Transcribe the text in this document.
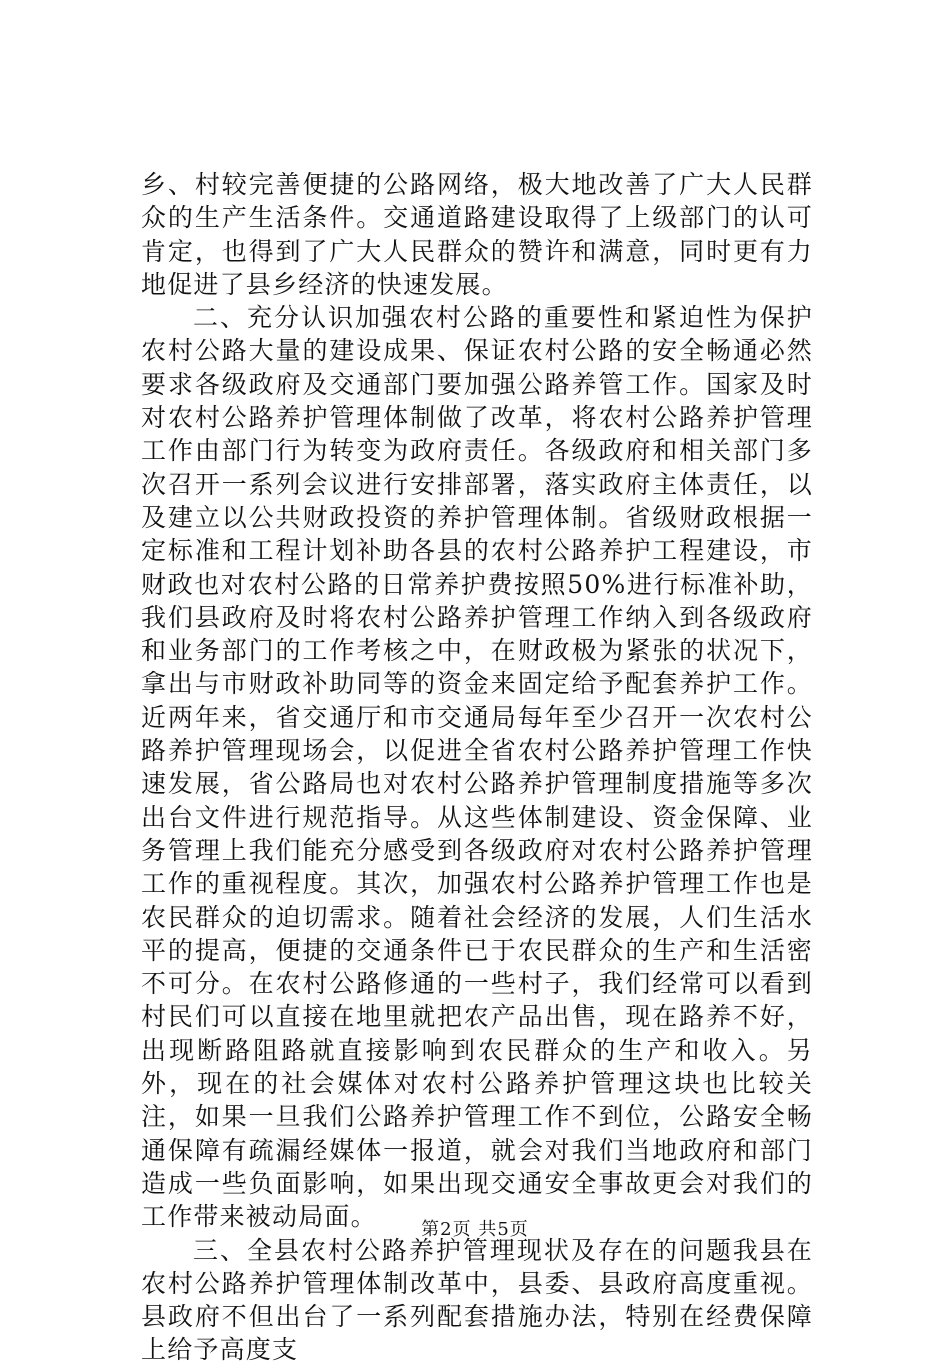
乡、村较完善便捷的公路网络，极大地改善了广大人民群众的生产生活条件。交通道路建设取得了上级部门的认可肯定，也得到了广大人民群众的赞许和满意，同时更有力地促进了县乡经济的快速发展。

二、充分认识加强农村公路的重要性和紧迫性为保护农村公路大量的建设成果、保证农村公路的安全畅通必然要求各级政府及交通部门要加强公路养管工作。国家及时对农村公路养护管理体制做了改革，将农村公路养护管理工作由部门行为转变为政府责任。各级政府和相关部门多次召开一系列会议进行安排部署，落实政府主体责任，以及建立以公共财政投资的养护管理体制。省级财政根据一定标准和工程计划补助各县的农村公路养护工程建设，市财政也对农村公路的日常养护费按照50%进行标准补助，我们县政府及时将农村公路养护管理工作纳入到各级政府和业务部门的工作考核之中，在财政极为紧张的状况下，拿出与市财政补助同等的资金来固定给予配套养护工作。近两年来，省交通厅和市交通局每年至少召开一次农村公路养护管理现场会，以促进全省农村公路养护管理工作快速发展，省公路局也对农村公路养护管理制度措施等多次出台文件进行规范指导。从这些体制建设、资金保障、业务管理上我们能充分感受到各级政府对农村公路养护管理工作的重视程度。其次，加强农村公路养护管理工作也是农民群众的迫切需求。随着社会经济的发展，人们生活水平的提高，便捷的交通条件已于农民群众的生产和生活密不可分。在农村公路修通的一些村子，我们经常可以看到村民们可以直接在地里就把农产品出售，现在路养不好，出现断路阻路就直接影响到农民群众的生产和收入。另外，现在的社会媒体对农村公路养护管理这块也比较关注，如果一旦我们公路养护管理工作不到位，公路安全畅通保障有疏漏经媒体一报道，就会对我们当地政府和部门造成一些负面影响，如果出现交通安全事故更会对我们的工作带来被动局面。

三、全县农村公路养护管理现状及存在的问题我县在农村公路养护管理体制改革中，县委、县政府高度重视。县政府不但出台了一系列配套措施办法，特别在经费保障上给予高度支

第2页 共5页
